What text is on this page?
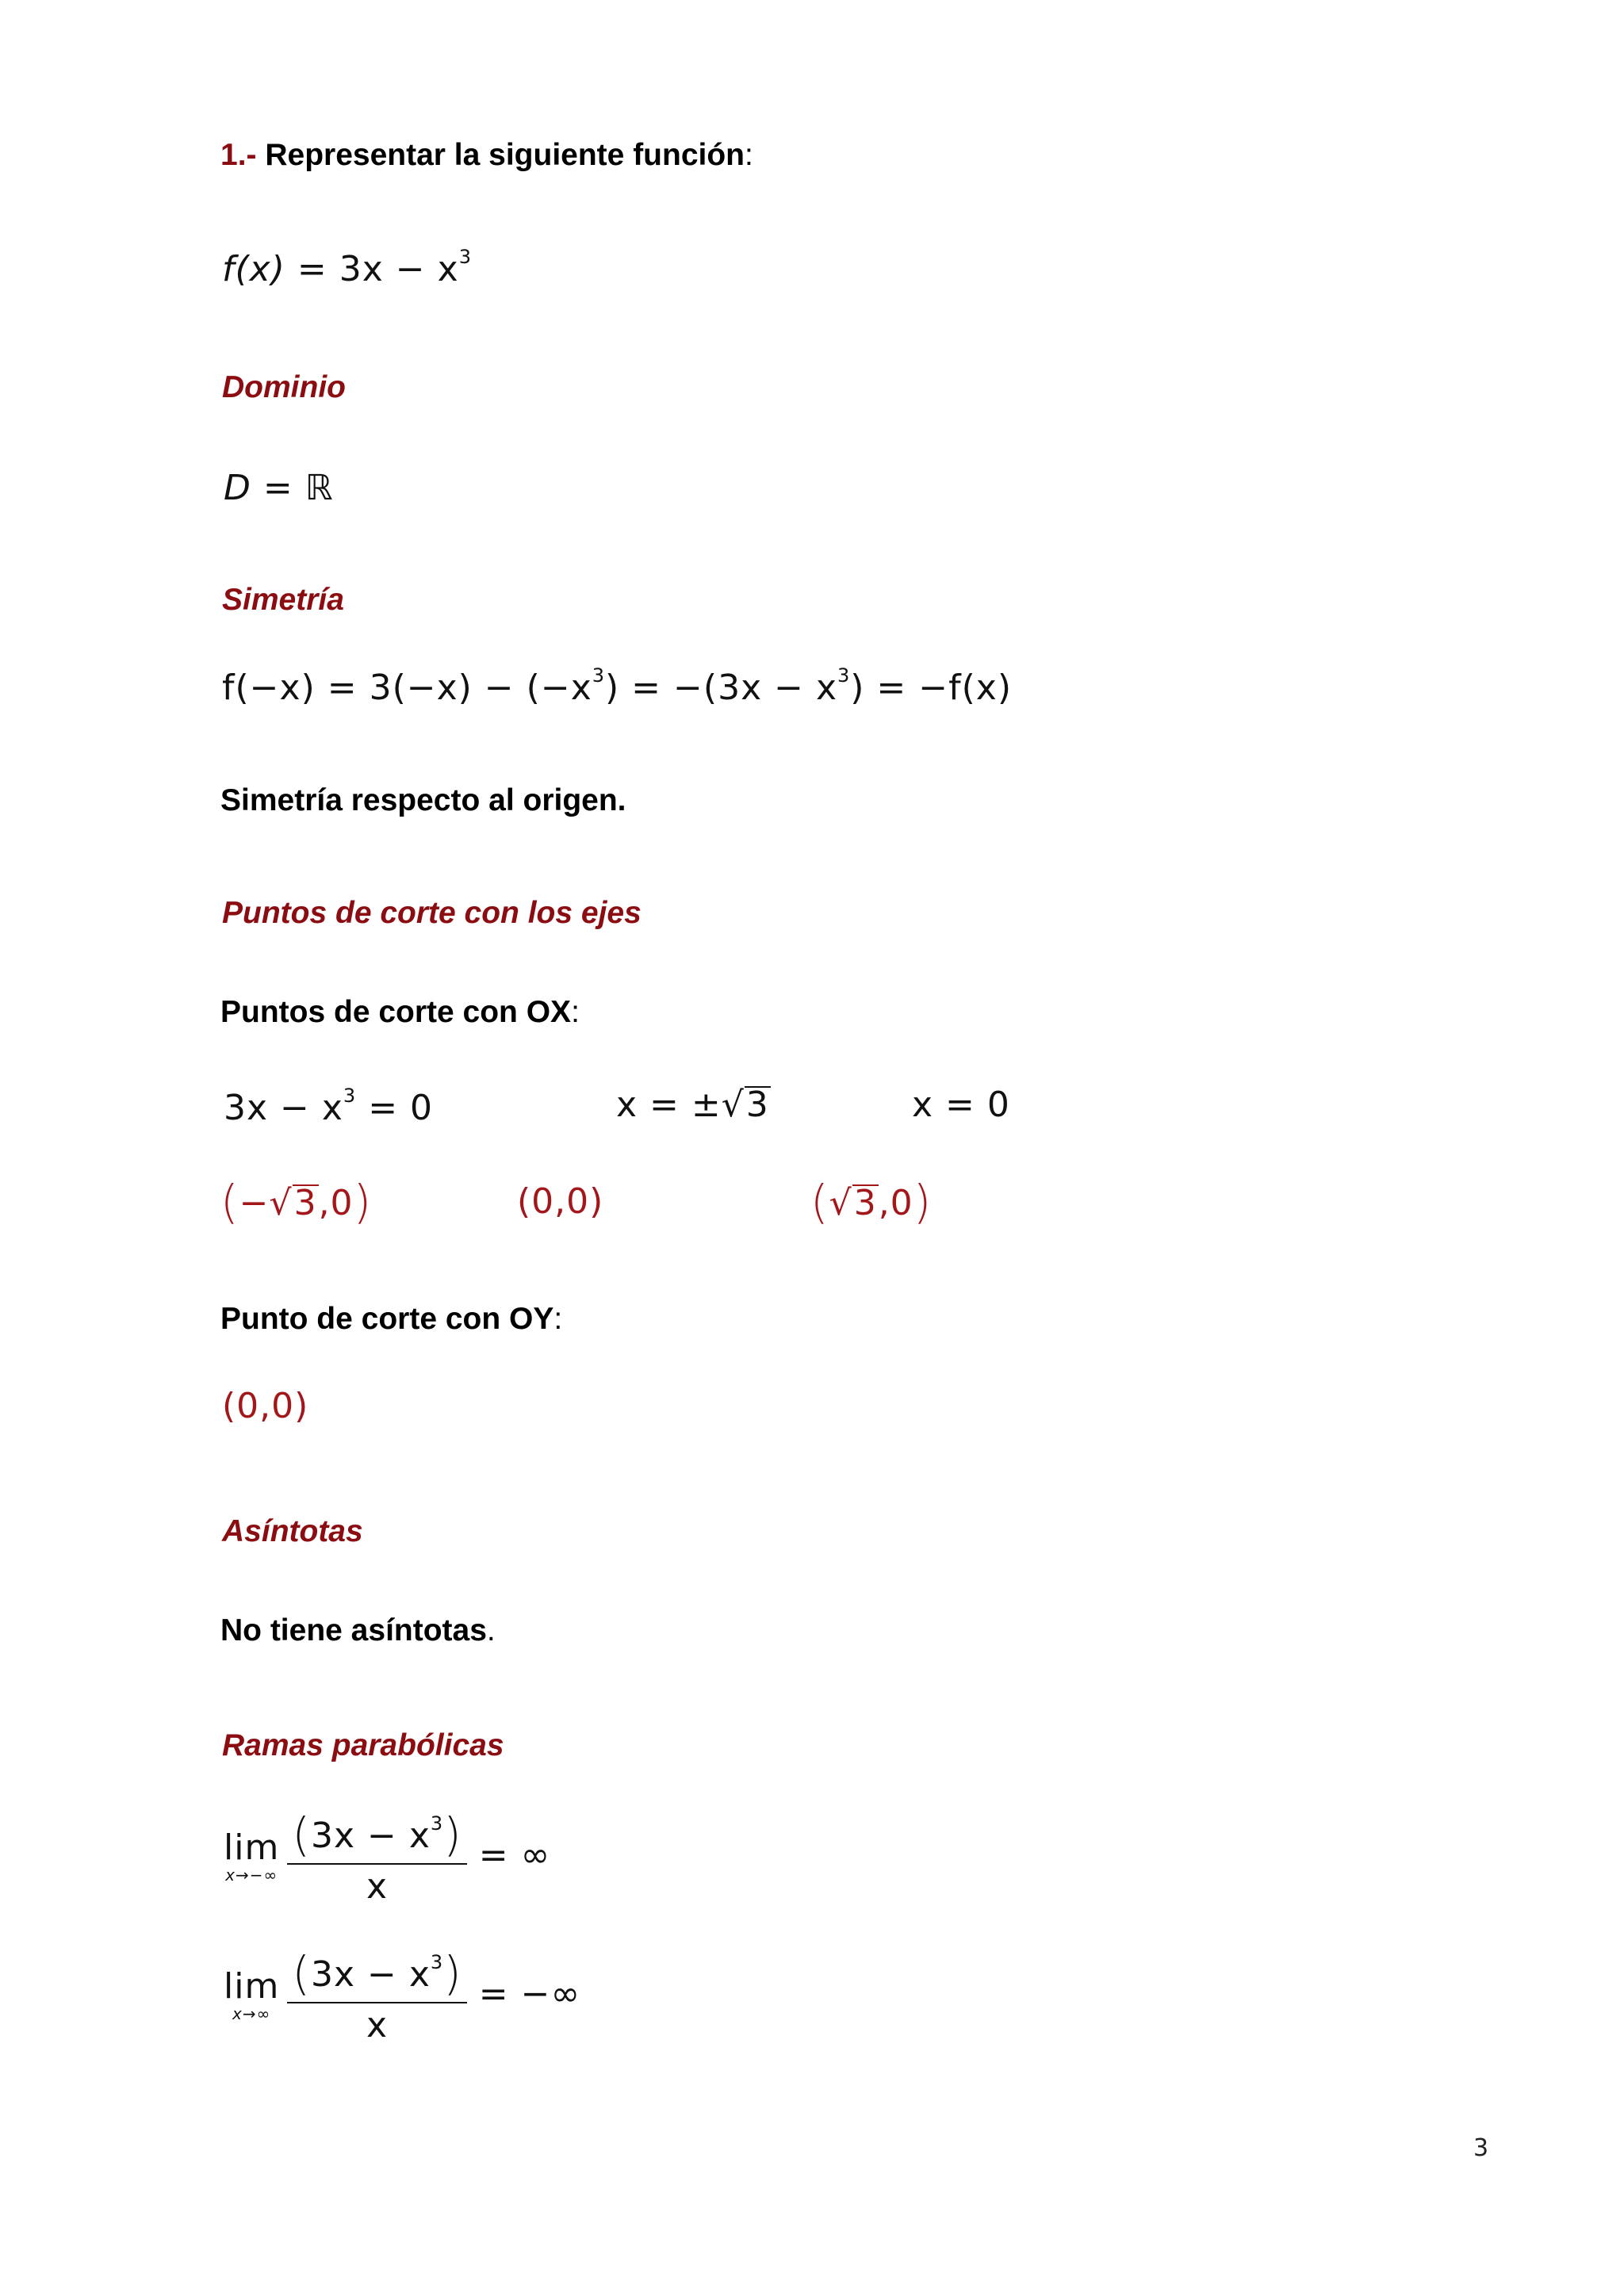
1.- Representar la siguiente función:
$f(x) = 3x - x^3$
Dominio
D = ℝ
Simetría
$f(-x) = 3(-x) - (-x^3) = -(3x - x^3) = -f(x)$
Simetría respecto al origen.
Puntos de corte con los ejes
Puntos de corte con OX:
$3x - x^3 = 0$	x = ±√3	x = 0
(−√3,0)	(0,0)	(√3,0)
Punto de corte con OY:
(0,0)
Asíntotas
No tiene asíntotas.
Ramas parabólicas
lim
$x\to-\infty \frac{(3x - x^3)}{x}$ = ∞
lim
$x\to\infty \frac{(3x - x^3)}{x}$ = −∞
3
